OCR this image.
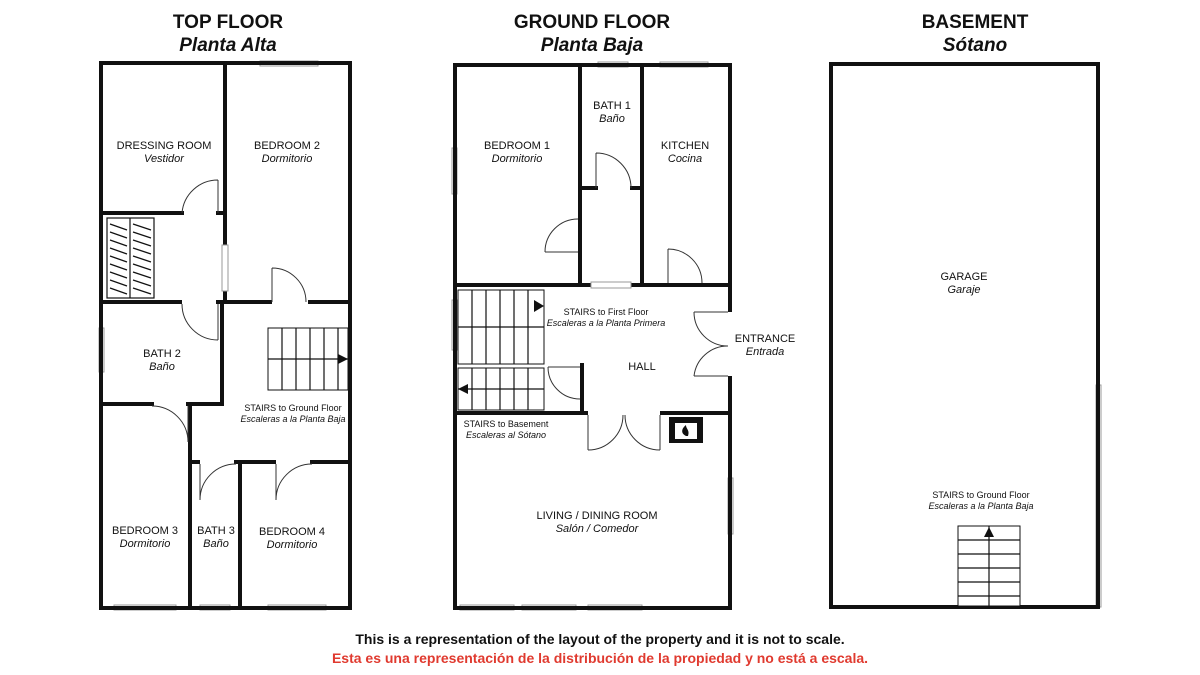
TOP FLOOR
Planta Alta
DRESSING ROOM
Vestidor
BEDROOM 2
Dormitorio
BATH 2
Baño
STAIRS to Ground Floor
Escaleras a la Planta Baja
BEDROOM 3
Dormitorio
BATH 3
Baño
BEDROOM 4
Dormitorio
GROUND FLOOR
Planta Baja
BEDROOM 1
Dormitorio
BATH 1
Baño
KITCHEN
Cocina
STAIRS to First Floor
Escaleras a la Planta Primera
HALL
ENTRANCE
Entrada
STAIRS to Basement
Escaleras al Sótano
LIVING / DINING ROOM
Salón / Comedor
BASEMENT
Sótano
GARAGE
Garaje
STAIRS to Ground Floor
Escaleras a la Planta Baja
This is a representation of the layout of the property and it is not to scale.
Esta es una representación de la distribución de la propiedad y no está a escala.
